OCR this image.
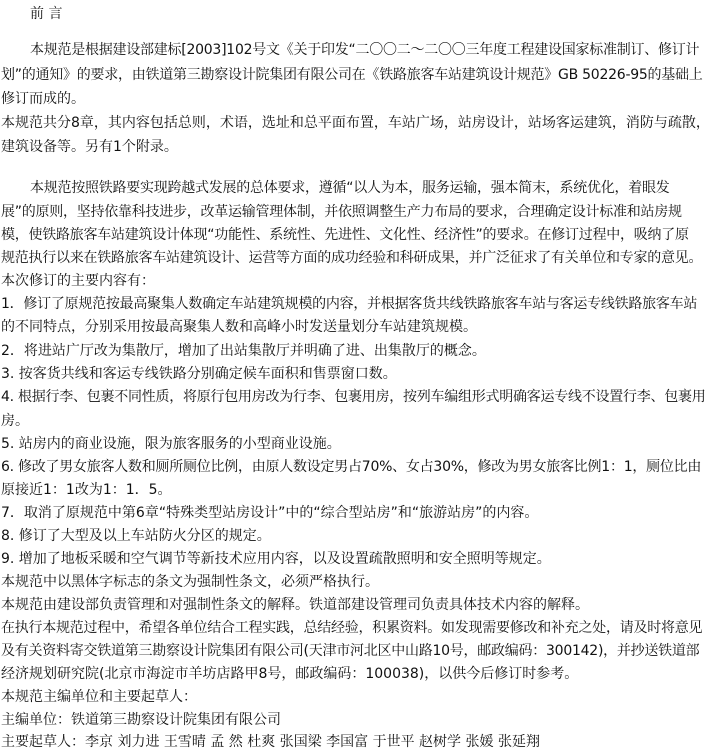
前 言
本规范是根据建设部建标[2003]102号文《关于印发“二〇〇二～二〇〇三年度工程建设国家标准制订、修订计
划”的通知》的要求，由铁道第三勘察设计院集团有限公司在《铁路旅客车站建筑设计规范》GB 50226-95的基础上
修订而成的。
本规范共分8章，其内容包括总则，术语，选址和总平面布置，车站广场，站房设计，站场客运建筑，消防与疏散，
建筑设备等。另有1个附录。
本规范按照铁路要实现跨越式发展的总体要求，遵循“以人为本，服务运输，强本简末，系统优化，着眼发
展”的原则，坚持依靠科技进步，改革运输管理体制，并依照调整生产力布局的要求，合理确定设计标准和站房规
模，使铁路旅客车站建筑设计体现“功能性、系统性、先进性、文化性、经济性”的要求。在修订过程中，吸纳了原
规范执行以来在铁路旅客车站建筑设计、运营等方面的成功经验和科研成果，并广泛征求了有关单位和专家的意见。
本次修订的主要内容有：
1．修订了原规范按最高聚集人数确定车站建筑规模的内容，并根据客货共线铁路旅客车站与客运专线铁路旅客车站
的不同特点，分别采用按最高聚集人数和高峰小时发送量划分车站建筑规模。
2．将进站广厅改为集散厅，增加了出站集散厅并明确了进、出集散厅的概念。
3. 按客货共线和客运专线铁路分别确定候车面积和售票窗口数。
4. 根据行李、包裹不同性质，将原行包用房改为行李、包裹用房，按列车编组形式明确客运专线不设置行李、包裹用
房。
5. 站房内的商业设施，限为旅客服务的小型商业设施。
6. 修改了男女旅客人数和厕所厕位比例，由原人数设定男占70%、女占30%，修改为男女旅客比例1：1，厕位比由
原接近1：1改为1：1．5。
7．取消了原规范中第6章“特殊类型站房设计”中的“综合型站房”和“旅游站房”的内容。
8. 修订了大型及以上车站防火分区的规定。
9. 增加了地板采暖和空气调节等新技术应用内容，以及设置疏散照明和安全照明等规定。
本规范中以黑体字标志的条文为强制性条文，必须严格执行。
本规范由建设部负责管理和对强制性条文的解释。铁道部建设管理司负责具体技术内容的解释。
在执行本规范过程中，希望各单位结合工程实践，总结经验，积累资料。如发现需要修改和补充之处，请及时将意见
及有关资料寄交铁道第三勘察设计院集团有限公司(天津市河北区中山路10号，邮政编码：300142)，并抄送铁道部
经济规划研究院(北京市海淀市羊坊店路甲8号，邮政编码：100038)，以供今后修订时参考。
本规范主编单位和主要起草人：
主编单位：铁道第三勘察设计院集团有限公司
主要起草人：李京 刘力进 王雪晴 孟 然 杜爽 张国梁 李国富 于世平 赵树学 张媛 张延翔
